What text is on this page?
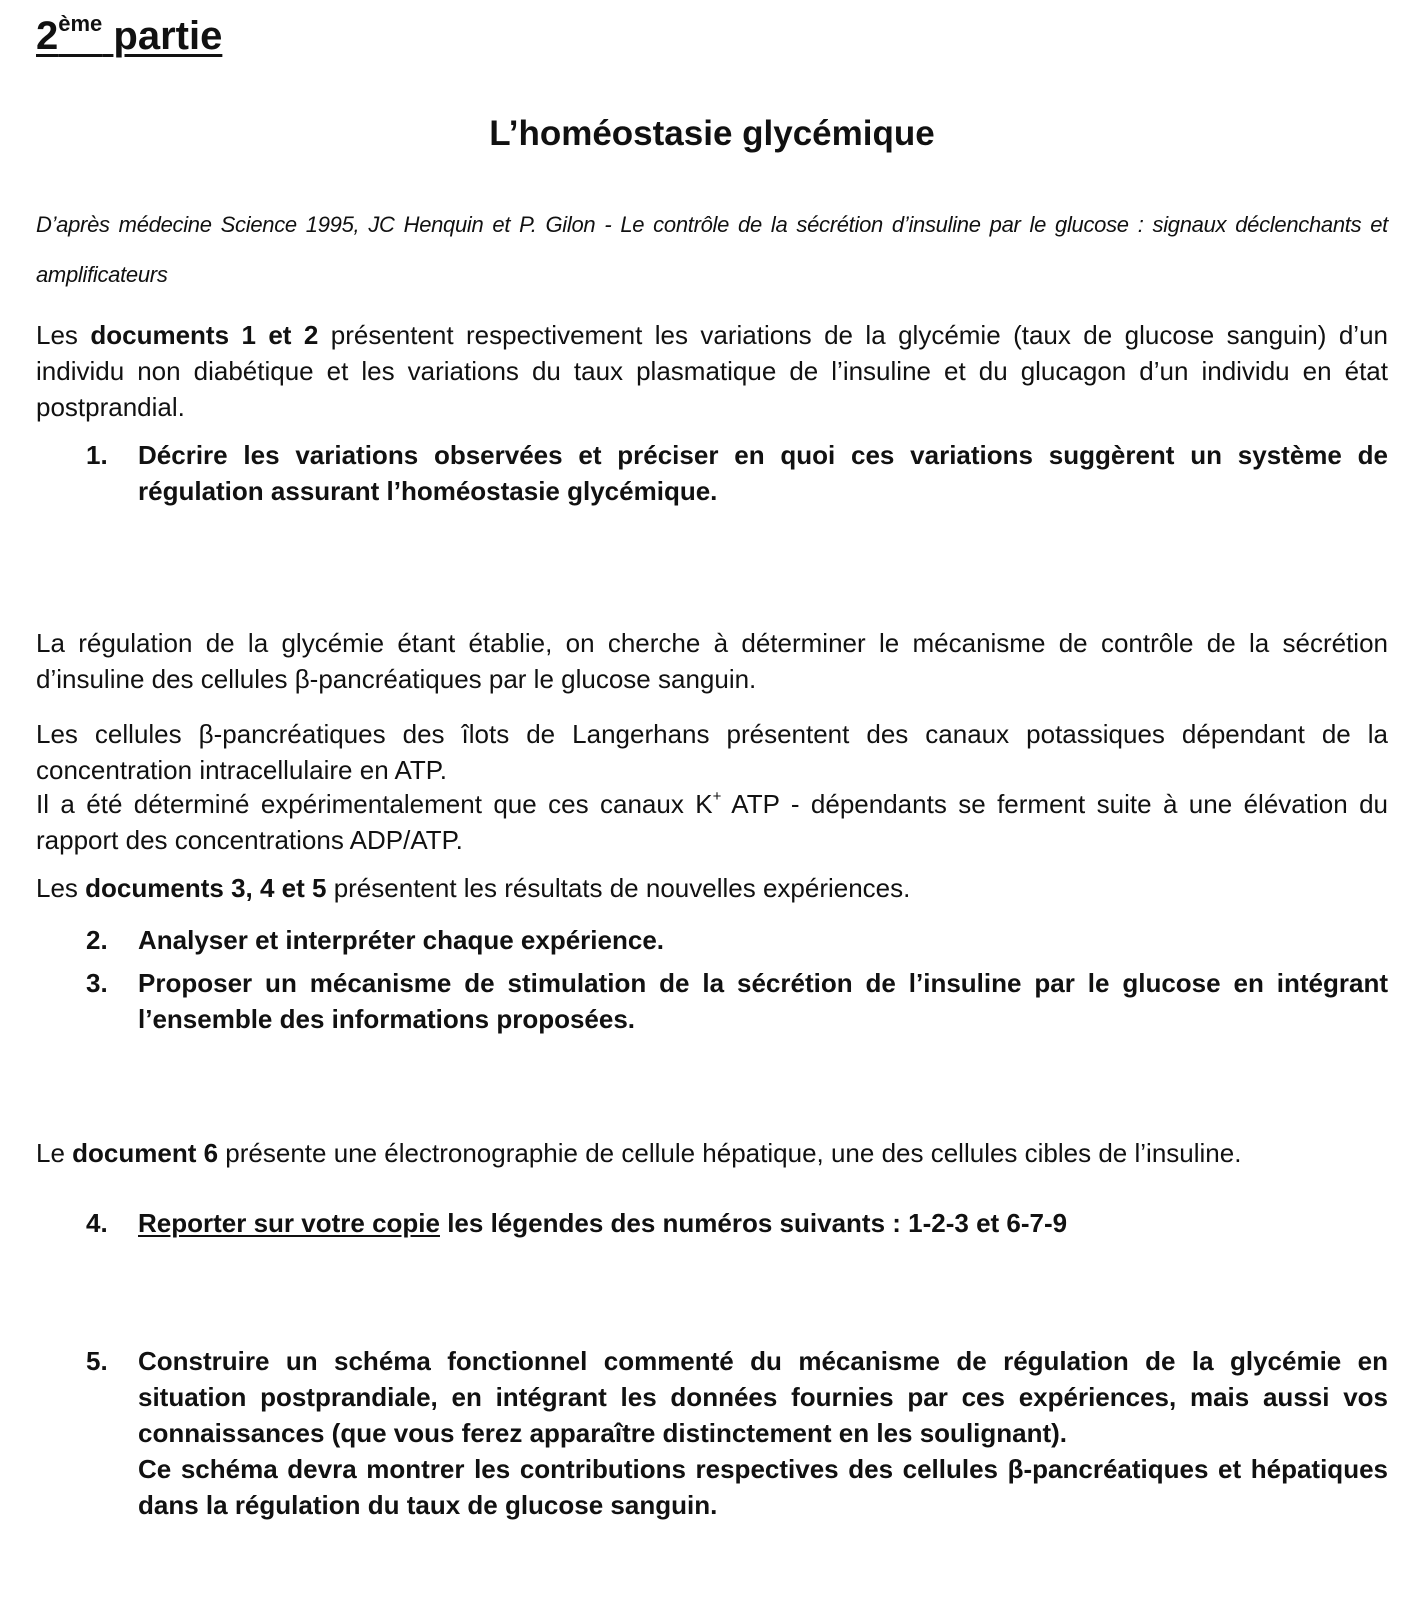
2ème partie
L’homéostasie glycémique
D’après médecine Science 1995, JC Henquin et P. Gilon - Le contrôle de la sécrétion d’insuline par le glucose : signaux déclenchants et amplificateurs
Les documents 1 et 2 présentent respectivement les variations de la glycémie (taux de glucose sanguin) d’un individu non diabétique et les variations du taux plasmatique de l’insuline et du glucagon d’un individu en état postprandial.
1.	Décrire les variations observées et préciser en quoi ces variations suggèrent un système de régulation assurant l’homéostasie glycémique.
La régulation de la glycémie étant établie, on cherche à déterminer le mécanisme de contrôle de la sécrétion d’insuline des cellules β-pancréatiques par le glucose sanguin.
Les cellules β-pancréatiques des îlots de Langerhans présentent des canaux potassiques dépendant de la concentration intracellulaire en ATP.
Il a été déterminé expérimentalement que ces canaux K+ ATP - dépendants se ferment suite à une élévation du rapport des concentrations ADP/ATP.
Les documents 3, 4 et 5 présentent les résultats de nouvelles expériences.
2.	Analyser et interpréter chaque expérience.
3.	Proposer un mécanisme de stimulation de la sécrétion de l’insuline par le glucose en intégrant l’ensemble des informations proposées.
Le document 6 présente une électronographie de cellule hépatique, une des cellules cibles de l’insuline.
4.	Reporter sur votre copie les légendes des numéros suivants : 1-2-3 et 6-7-9
5.	Construire un schéma fonctionnel commenté du mécanisme de régulation de la glycémie en situation postprandiale, en intégrant les données fournies par ces expériences, mais aussi vos connaissances (que vous ferez apparaître distinctement en les soulignant).
Ce schéma devra montrer les contributions respectives des cellules β-pancréatiques et hépatiques dans la régulation du taux de glucose sanguin.
